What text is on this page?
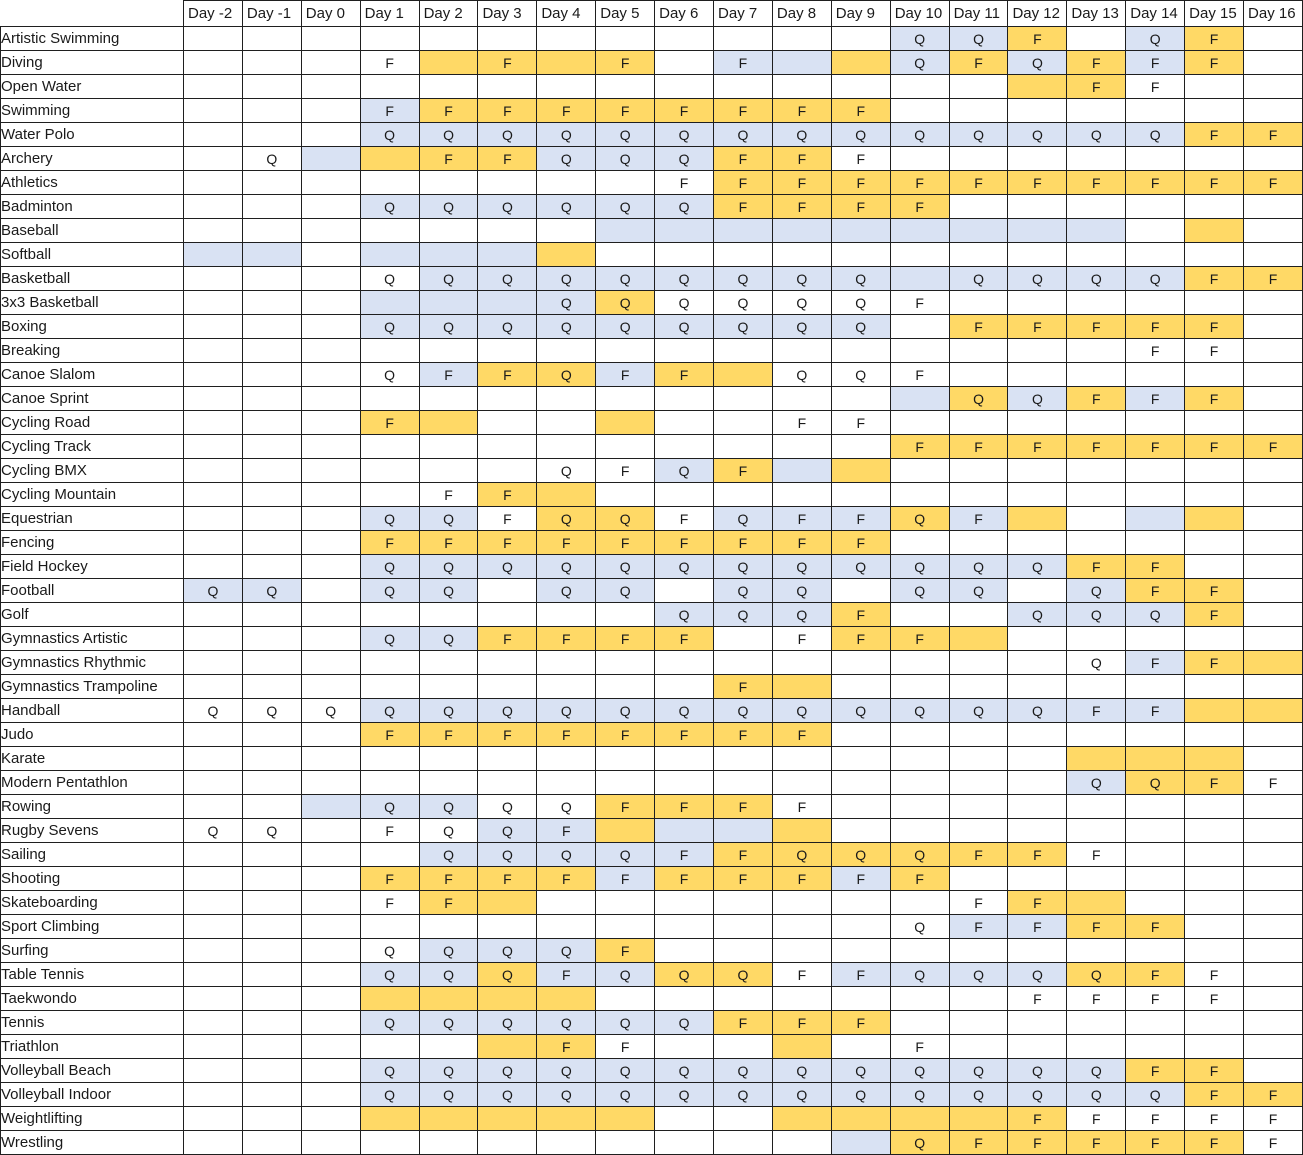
	Day -2	Day -1	Day 0	Day 1	Day 2	Day 3	Day 4	Day 5	Day 6	Day 7	Day 8	Day 9	Day 10	Day 11	Day 12	Day 13	Day 14	Day 15	Day 16
Artistic Swimming													Q	Q	F		Q	F	
Diving				F		F		F		F			Q	F	Q	F	F	F	
Open Water																F	F		
Swimming				F	F	F	F	F	F	F	F	F							
Water Polo				Q	Q	Q	Q	Q	Q	Q	Q	Q	Q	Q	Q	Q	Q	F	F
Archery		Q			F	F	Q	Q	Q	F	F	F							
Athletics									F	F	F	F	F	F	F	F	F	F	F
Badminton				Q	Q	Q	Q	Q	Q	F	F	F	F						
Baseball																			
Softball																			
Basketball				Q	Q	Q	Q	Q	Q	Q	Q	Q		Q	Q	Q	Q	F	F
3x3 Basketball							Q	Q	Q	Q	Q	Q	F						
Boxing				Q	Q	Q	Q	Q	Q	Q	Q	Q		F	F	F	F	F	
Breaking																	F	F	
Canoe Slalom				Q	F	F	Q	F	F		Q	Q	F						
Canoe Sprint														Q	Q	F	F	F	
Cycling Road				F							F	F							
Cycling Track													F	F	F	F	F	F	F
Cycling BMX							Q	F	Q	F									
Cycling Mountain					F	F													
Equestrian				Q	Q	F	Q	Q	F	Q	F	F	Q	F					
Fencing				F	F	F	F	F	F	F	F	F							
Field Hockey				Q	Q	Q	Q	Q	Q	Q	Q	Q	Q	Q	Q	F	F		
Football	Q	Q		Q	Q		Q	Q		Q	Q		Q	Q		Q	F	F	
Golf									Q	Q	Q	F			Q	Q	Q	F	
Gymnastics Artistic				Q	Q	F	F	F	F		F	F	F						
Gymnastics Rhythmic																Q	F	F	
Gymnastics Trampoline										F									
Handball	Q	Q	Q	Q	Q	Q	Q	Q	Q	Q	Q	Q	Q	Q	Q	F	F		
Judo				F	F	F	F	F	F	F	F								
Karate																			
Modern Pentathlon																Q	Q	F	F
Rowing				Q	Q	Q	Q	F	F	F	F								
Rugby Sevens	Q	Q		F	Q	Q	F												
Sailing					Q	Q	Q	Q	F	F	Q	Q	Q	F	F	F			
Shooting				F	F	F	F	F	F	F	F	F	F						
Skateboarding				F	F									F	F				
Sport Climbing													Q	F	F	F	F		
Surfing				Q	Q	Q	Q	F											
Table Tennis				Q	Q	Q	F	Q	Q	Q	F	F	Q	Q	Q	Q	F	F	
Taekwondo															F	F	F	F	
Tennis				Q	Q	Q	Q	Q	Q	F	F	F							
Triathlon							F	F					F						
Volleyball Beach				Q	Q	Q	Q	Q	Q	Q	Q	Q	Q	Q	Q	Q	F	F	
Volleyball Indoor				Q	Q	Q	Q	Q	Q	Q	Q	Q	Q	Q	Q	Q	Q	F	F
Weightlifting															F	F	F	F	F
Wrestling													Q	F	F	F	F	F	F
